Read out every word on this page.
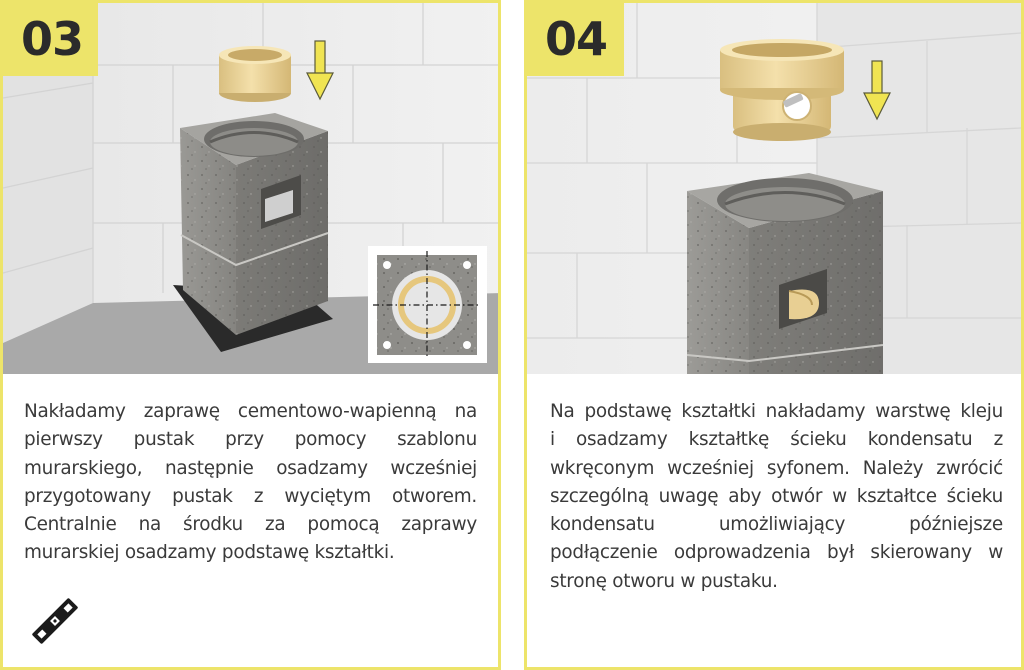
03
Nakładamy zaprawę cementowo-wapienną na
pierwszy pustak przy pomocy szablonu
murarskiego, następnie osadzamy wcześniej
przygotowany pustak z wyciętym otworem.
Centralnie na środku za pomocą zaprawy
murarskiej osadzamy podstawę kształtki.
04
Na podstawę kształtki nakładamy warstwę kleju
i osadzamy kształtkę ścieku kondensatu z
wkręconym wcześniej syfonem. Należy zwrócić
szczególną uwagę aby otwór w kształtce ścieku
kondensatu umożliwiający późniejsze
podłączenie odprowadzenia był skierowany w
stronę otworu w pustaku.
